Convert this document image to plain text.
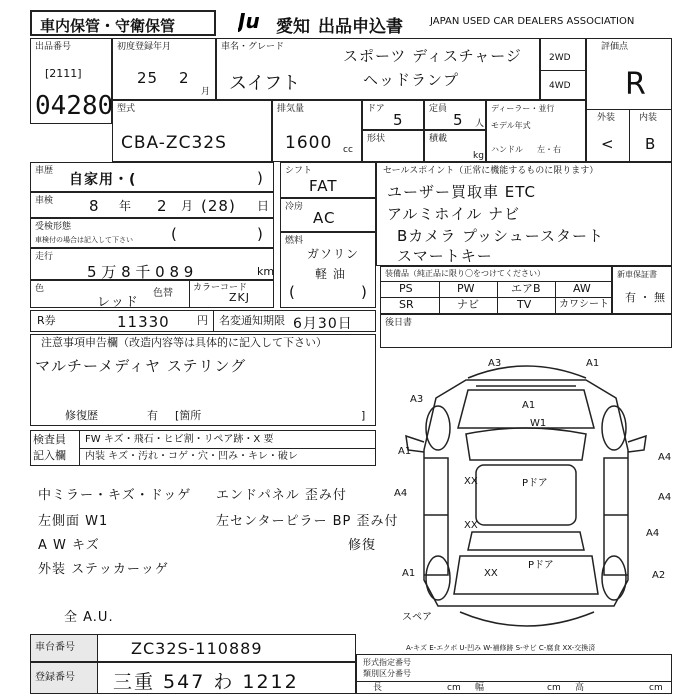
車内保管・守衛保管	Ju 愛知 出品申込書	JAPAN USED CAR DEALERS ASSOCIATION
出品番号
[2111]
04280
初度登録年月
25 2
月
車名・グレード	スポーツ ディスチャージ
スイフト	ヘッドランプ
2WD
4WD
評価点
R
外装	内装
< B
型式
CBA-ZC32S
排気量
1600 cc
ドア
5
定員
5 人
形状	積載
kg
ディーラー・並行
モデル年式
ハンドル 左・右
車歴
自家用・(	)
車検 8 年 2 月 (28) 日
受検形態
車検付の場合は記入して下さい	(	)
走行
5 万 8 千 0 8 9	km
色
レッド
色替 カラーコード
ZKJ
シフト
FAT
冷房
AC
燃料
ガソリン
軽 油
(	)
セールスポイント（正常に機能するものに限ります）
ユーザー買取車 ETC
アルミホイル ナビ
Bカメラ プッシュースタート
スマートキー
装備品（純正品に限り〇をつけてください）
PS	PW	エアB	AW
SR	ナビ	TV	カワシート
新車保証書
有 ・ 無
R券	11330 円 名変通知期限 6月30日	後日書
注意事項申告欄（改造内容等は具体的に記入して下さい）
マルチーメディヤ ステリング
修復歴	有 [箇所	]
検査員
記入欄
FW キズ・飛石・ヒビ割・リペア跡・X 要
内装 キズ・汚れ・コゲ・穴・凹み・キレ・破レ
中ミラー・キズ・ドッゲ エンドパネル 歪み付
左側面 W1	左センターピラー BP 歪み付
A W キズ	修復
外装 ステッカーッゲ
全 A.U.
A3	A1
A3
A1
W1
A1
A4
A4	A4
XX
XX
Pドア
Pドア
XX
A4
A1	A2
スペア
A-キズ E-エクボ U-凹み W-補修跡 S-サビ C-腐食 XX-交換済
車台番号	ZC32S-110889
登録番号	三重 547 わ 1212
形式指定番号
類別区分番号
長	cm 幅	cm 高	cm
